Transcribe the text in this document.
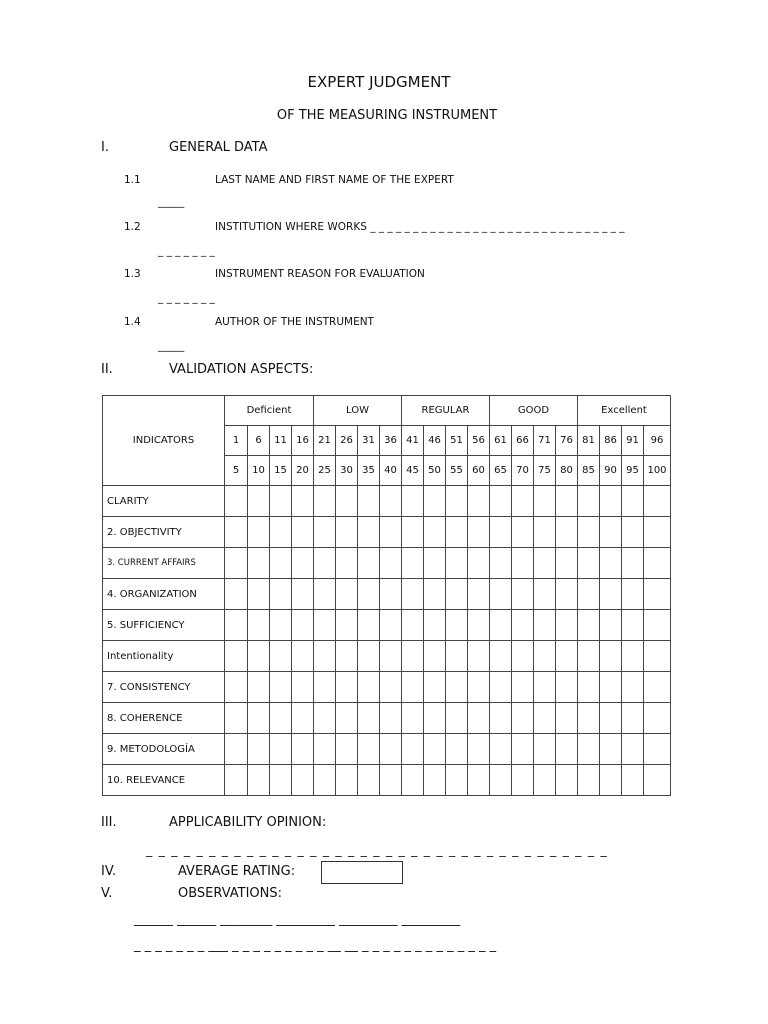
EXPERT JUDGMENT
OF THE MEASURING INSTRUMENT
I.	GENERAL DATA
1.1	LAST NAME AND FIRST NAME OF THE EXPERT
_____
1.2	INSTITUTION WHERE WORKS _ _ _ _ _ _ _ _ _ _ _ _ _ _ _ _ _ _ _ _ _ _ _ _ _ _ _ _ _ _
_ _ _ _ _ _ _
1.3	INSTRUMENT REASON FOR EVALUATION
_ _ _ _ _ _ _
1.4	AUTHOR OF THE INSTRUMENT
_____
II.	VALIDATION ASPECTS:
INDICATORS	Deficient				LOW				REGULAR				GOOD				Excellent			
	1	6	11	16	21	26	31	36	41	46	51	56	61	66	71	76	81	86	91	96
	5	10	15	20	25	30	35	40	45	50	55	60	65	70	75	80	85	90	95	100
CLARITY																				
2. OBJECTIVITY																				
3. CURRENT AFFAIRS																				
4. ORGANIZATION																				
5. SUFFICIENCY																				
Intentionality																				
7. CONSISTENCY																				
8. COHERENCE																				
9. METODOLOGÍA																				
10. RELEVANCE																				
III.	APPLICABILITY OPINION:
_ _ _ _ _ _ _ _ _ _ _ _ _ _ _ _ _ _ _ _ _ _ _ _ _ _ _ _ _ _ _ _ _ _ _ _ _
IV.	AVERAGE RATING:
V.	OBSERVATIONS:
______ ______ ________ _________ _________ _________
_ _ _ _ _ _ _ ___ _ _ _ _ _ _ _ _ _ __ __ _ _ _ _ _ _ _ _ _ _ _ _ _
